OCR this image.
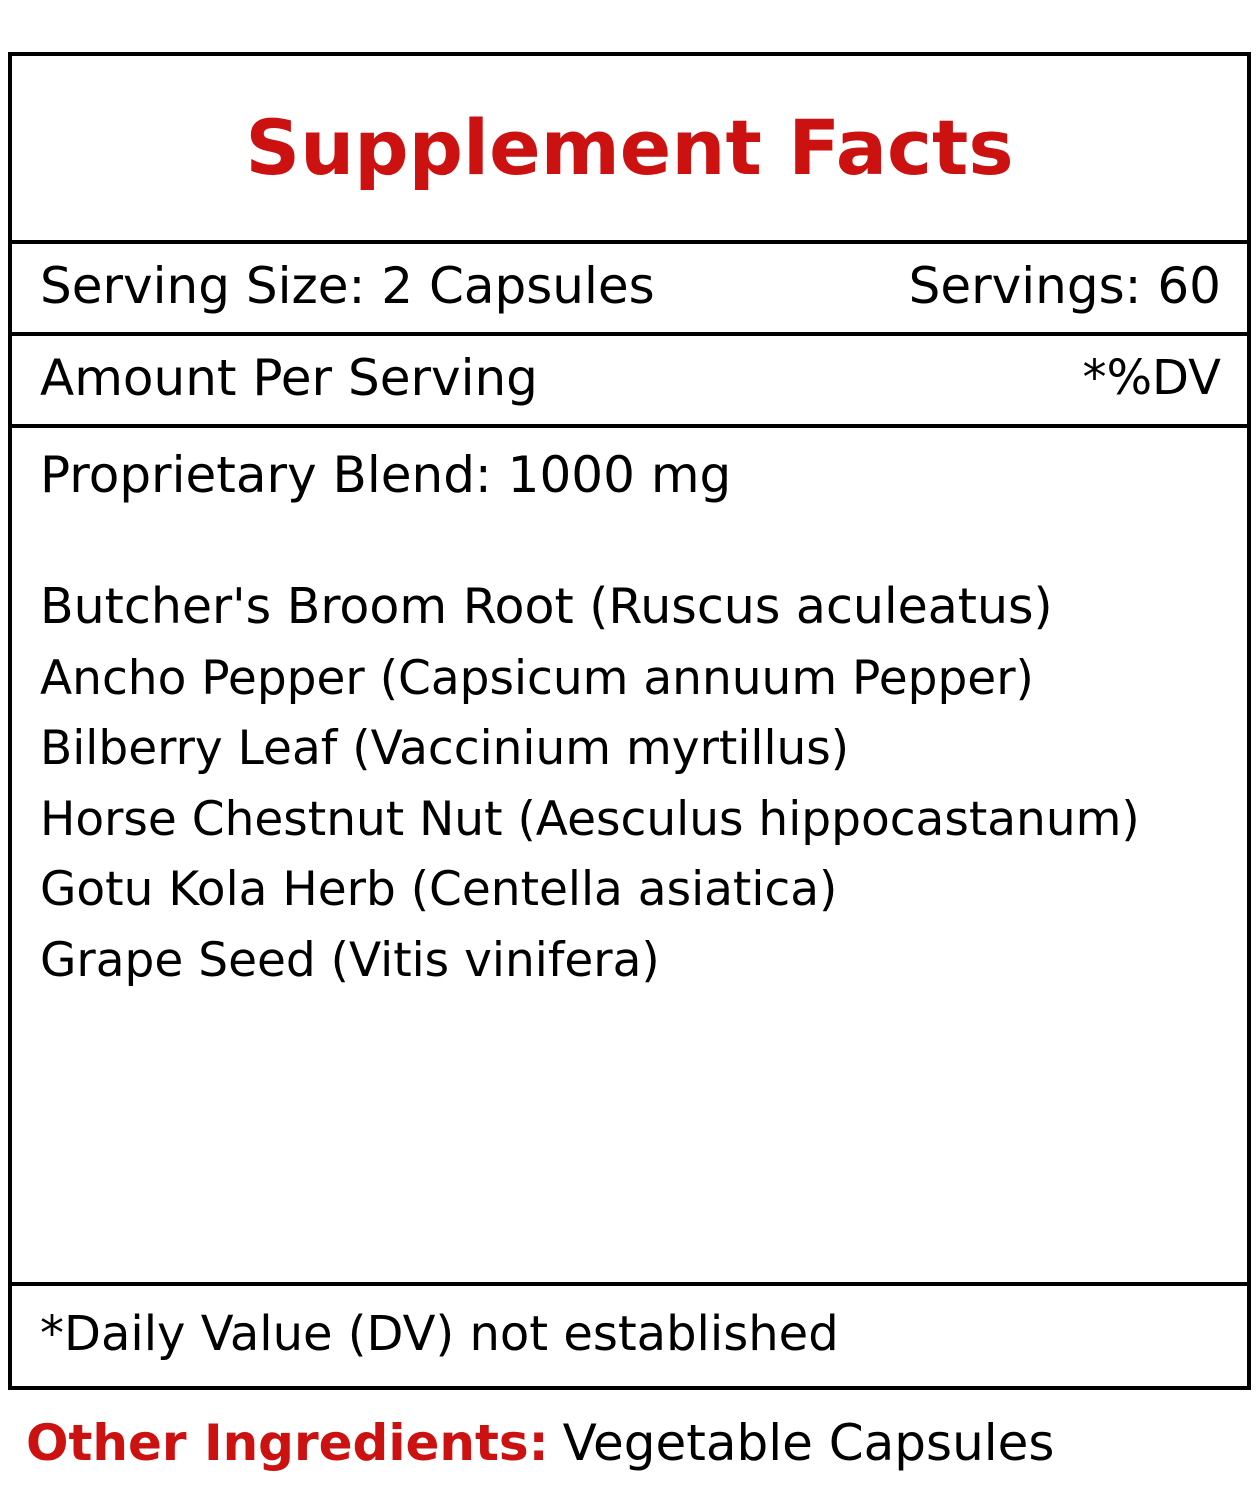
Supplement Facts
Serving Size: 2 Capsules	Servings: 60
Amount Per Serving	*%DV
Proprietary Blend: 1000 mg
Butcher's Broom Root (Ruscus aculeatus)
Ancho Pepper (Capsicum annuum Pepper)
Bilberry Leaf (Vaccinium myrtillus)
Horse Chestnut Nut (Aesculus hippocastanum)
Gotu Kola Herb (Centella asiatica)
Grape Seed (Vitis vinifera)
*Daily Value (DV) not established
Other Ingredients: Vegetable Capsules
